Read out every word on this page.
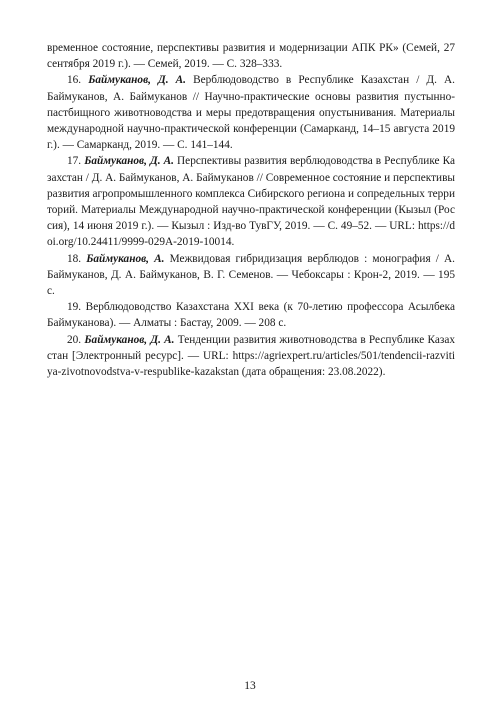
временное состояние, перспективы развития и модернизации АПК РК» (Семей, 27 сентября 2019 г.). — Семей, 2019. — С. 328–333.

16. Баймуканов, Д. А. Верблюдоводство в Республике Казахстан / Д. А. Баймуканов, А. Баймуканов // Научно-практические основы развития пустынно-пастбищного животноводства и меры предотвращения опустынивания. Материалы международной научно-практической конференции (Самарканд, 14–15 августа 2019 г.). — Самарканд, 2019. — С. 141–144.

17. Баймуканов, Д. А. Перспективы развития верблюдоводства в Республике Казахстан / Д. А. Баймуканов, А. Баймуканов // Современное состояние и перспективы развития агропромышленного комплекса Сибирского региона и сопредельных территорий. Материалы Международной научно-практической конференции (Кызыл (Россия), 14 июня 2019 г.). — Кызыл : Изд-во ТувГУ, 2019. — С. 49–52. — URL: https://doi.org/10.24411/9999-029A-2019-10014.

18. Баймуканов, А. Межвидовая гибридизация верблюдов : монография / А. Баймуканов, Д. А. Баймуканов, В. Г. Семенов. — Чебоксары : Крон-2, 2019. — 195 с.

19. Верблюдоводство Казахстана XXI века (к 70-летию профессора Асылбека Баймуканова). — Алматы : Бастау, 2009. — 208 с.

20. Баймуканов, Д. А. Тенденции развития животноводства в Республике Казахстан [Электронный ресурс]. — URL: https://agriexpert.ru/articles/501/tendencii-razvitiya-zivotnovodstva-v-respublike-kazakstan (дата обращения: 23.08.2022).

13
